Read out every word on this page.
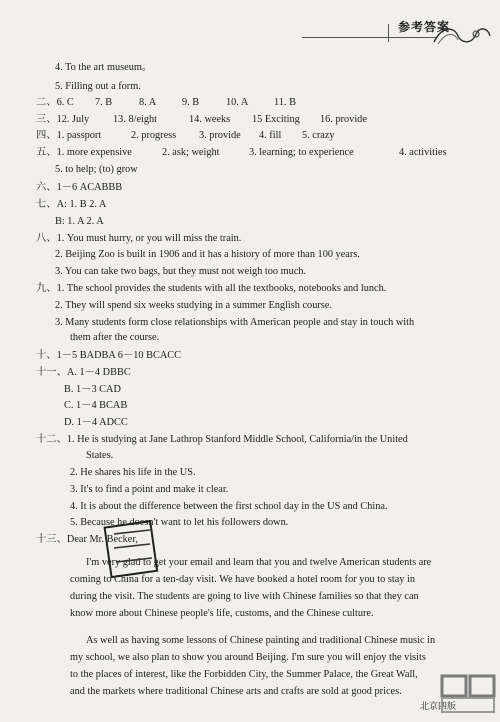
参考答案
4. To the art museum。
5. Filling out a form.
二、6. C 7. B	8. A	9. B	10. A 11. B
三、12. July 13. 8/eight	14. weeks 15 Exciting 16. provide
四、1. passport	2. progress 3. provide 4. fill 5. crazy
五、1. more expensive	2. ask; weight	3. learning; to experience	4. activities
5. to help; (to) grow
六、1－6 ACABBB
七、A: 1. B 2. A
B: 1. A 2. A
八、1. You must hurry, or you will miss the train.
2. Beijing Zoo is built in 1906 and it has a history of more than 100 years.
3. You can take two bags, but they must not weigh too much.
九、1. The school provides the students with all the textbooks, notebooks and lunch.
2. They will spend six weeks studying in a summer English course.
3. Many students form close relationships with American people and stay in touch with
them after the course.
十、1－5 BADBA 6－10 BCACC
十一、A. 1－4 DBBC
B. 1－3 CAD
C. 1－4 BCAB
D. 1－4 ADCC
十二、1. He is studying at Jane Lathrop Stanford Middle School, California/in the United
States.
2. He shares his life in the US.
3. It's to find a point and make it clear.
4. It is about the difference between the first school day in the US and China.
5. Because he doesn't want to let his followers down.
十三、Dear Mr. Becker,
I'm very glad to get your email and learn that you and twelve American students are
coming to China for a ten-day visit. We have booked a hotel room for you to stay in
during the visit. The students are going to live with Chinese families so that they can
know more about Chinese people's life, customs, and the Chinese culture.
As well as having some lessons of Chinese painting and traditional Chinese music in
my school, we also plan to show you around Beijing. I'm sure you will enjoy the visits
to the places of interest, like the Forbidden City, the Summer Palace, the Great Wall,
and the markets where traditional Chinese arts and crafts are sold at good prices.
北京四版
